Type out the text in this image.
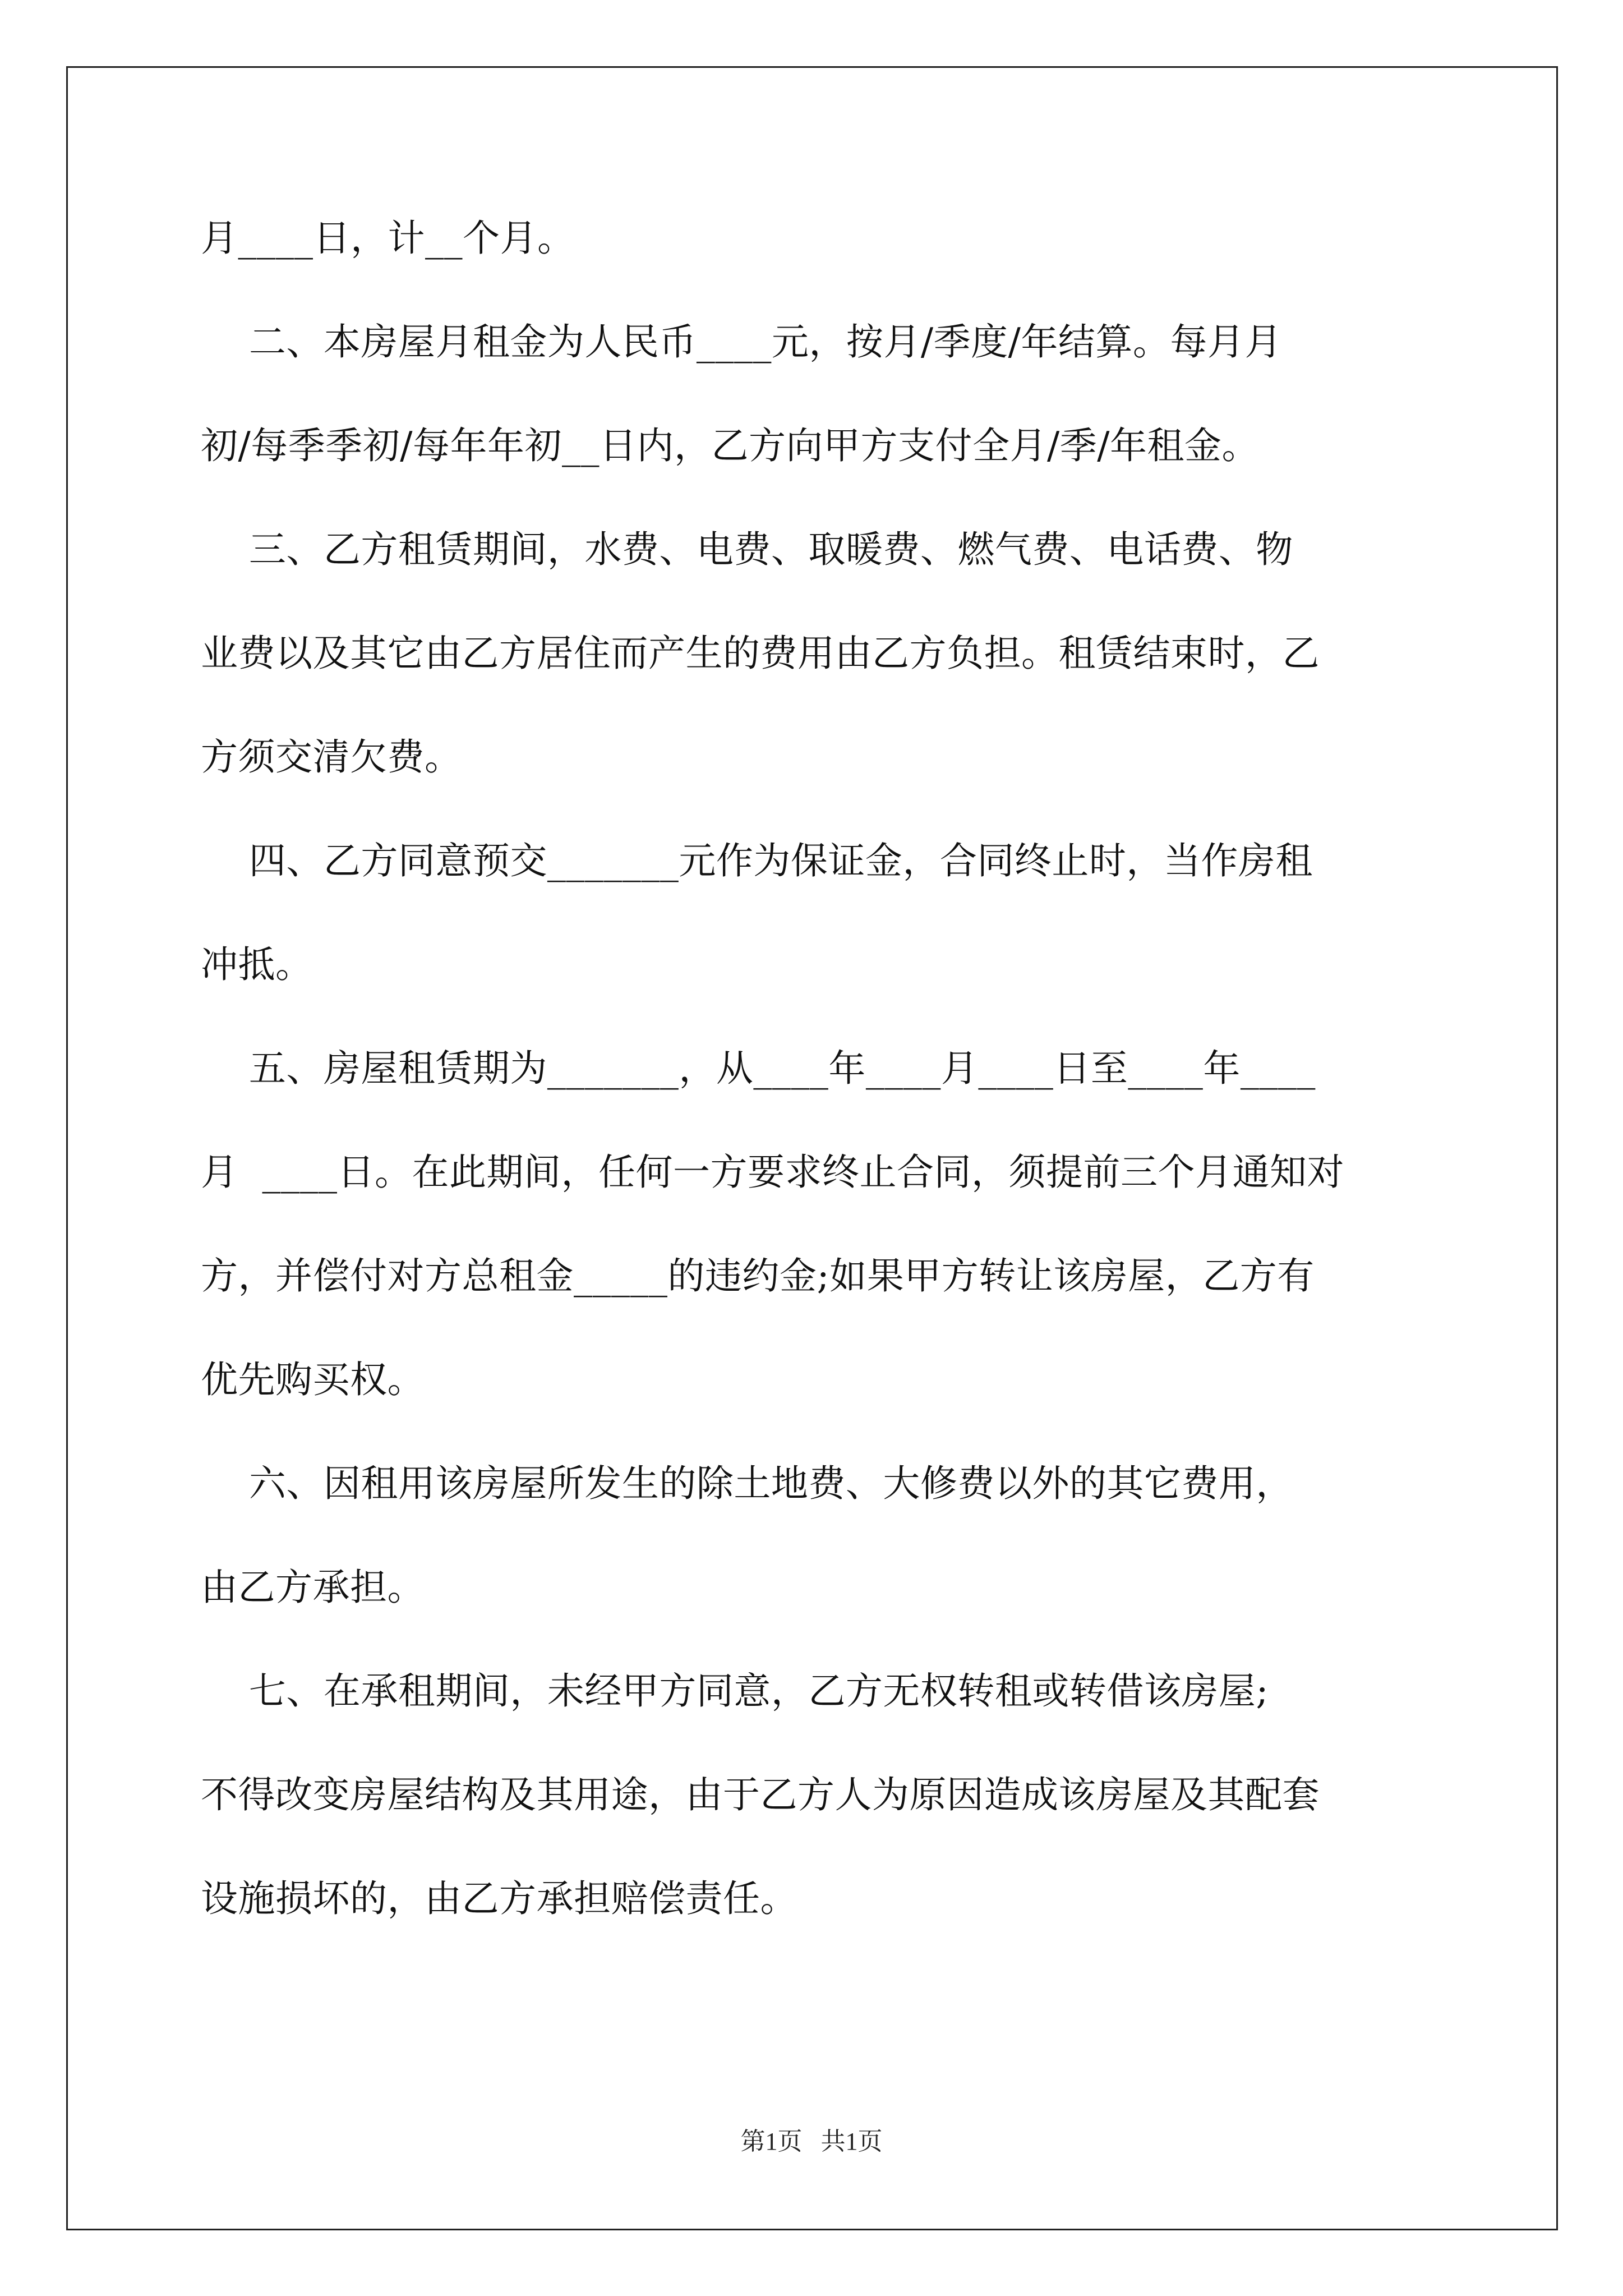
月____日，计__个月。
二、本房屋月租金为人民币____元，按月/季度/年结算。每月月
初/每季季初/每年年初__日内，乙方向甲方支付全月/季/年租金。
三、乙方租赁期间，水费、电费、取暖费、燃气费、电话费、物
业费以及其它由乙方居住而产生的费用由乙方负担。租赁结束时，乙
方须交清欠费。
四、乙方同意预交_______元作为保证金，合同终止时，当作房租
冲抵。
五、房屋租赁期为_______，从____年____月____日至____年____
月  ____日。在此期间，任何一方要求终止合同，须提前三个月通知对
方，并偿付对方总租金_____的违约金;如果甲方转让该房屋，乙方有
优先购买权。
六、因租用该房屋所发生的除土地费、大修费以外的其它费用，
由乙方承担。
七、在承租期间，未经甲方同意，乙方无权转租或转借该房屋;
不得改变房屋结构及其用途，由于乙方人为原因造成该房屋及其配套
设施损坏的，由乙方承担赔偿责任。
第1页   共1页
